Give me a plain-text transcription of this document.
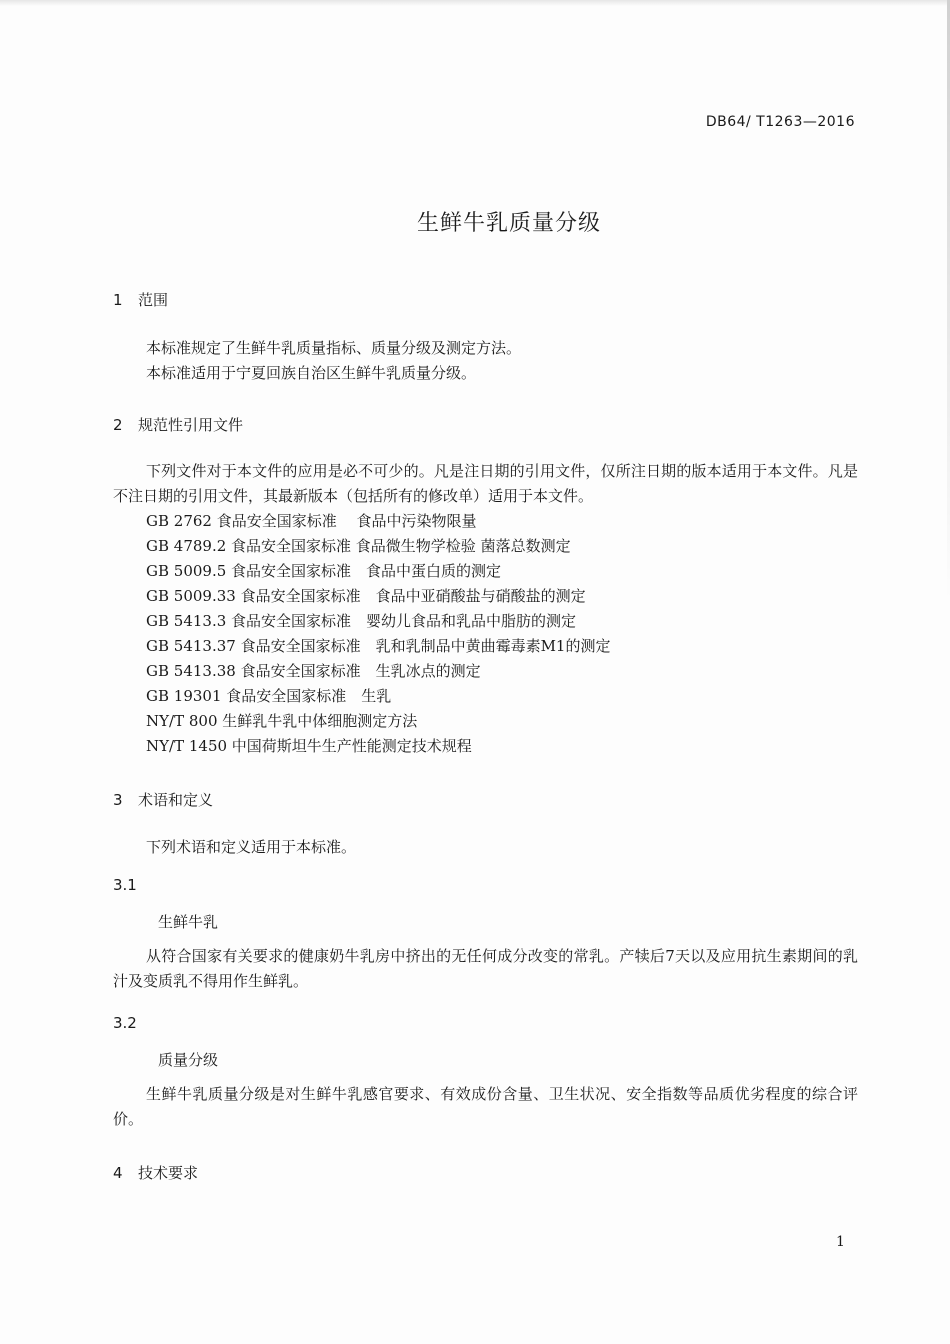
DB64/ T1263—2016
生鲜牛乳质量分级
1 范围
本标准规定了生鲜牛乳质量指标、质量分级及测定方法。
本标准适用于宁夏回族自治区生鲜牛乳质量分级。
2 规范性引用文件
下列文件对于本文件的应用是必不可少的。凡是注日期的引用文件，仅所注日期的版本适用于本文件。凡是不注日期的引用文件，其最新版本（包括所有的修改单）适用于本文件。
GB 2762 食品安全国家标准　 食品中污染物限量
GB 4789.2 食品安全国家标准 食品微生物学检验 菌落总数测定
GB 5009.5 食品安全国家标准　食品中蛋白质的测定
GB 5009.33 食品安全国家标准　食品中亚硝酸盐与硝酸盐的测定
GB 5413.3 食品安全国家标准　婴幼儿食品和乳品中脂肪的测定
GB 5413.37 食品安全国家标准　乳和乳制品中黄曲霉毒素M1的测定
GB 5413.38 食品安全国家标准　生乳冰点的测定
GB 19301 食品安全国家标准　生乳
NY/T 800 生鲜乳牛乳中体细胞测定方法
NY/T 1450 中国荷斯坦牛生产性能测定技术规程
3 术语和定义
下列术语和定义适用于本标准。
3.1
生鲜牛乳
从符合国家有关要求的健康奶牛乳房中挤出的无任何成分改变的常乳。产犊后7天以及应用抗生素期间的乳汁及变质乳不得用作生鲜乳。
3.2
质量分级
生鲜牛乳质量分级是对生鲜牛乳感官要求、有效成份含量、卫生状况、安全指数等品质优劣程度的综合评价。
4 技术要求
1
